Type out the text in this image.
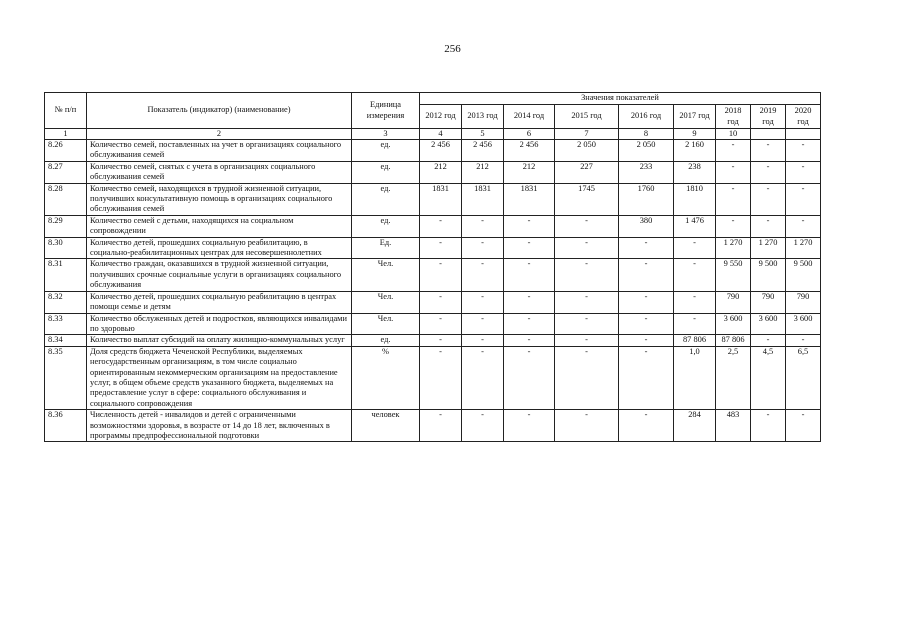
256
№ п/п	Показатель (индикатор) (наименование)	Единица измерения	Значения показателей								
			2012 год	2013 год	2014 год	2015 год	2016 год	2017 год	2018 год	2019 год	2020 год
1	2	3	4	5	6	7	8	9	10		
8.26	Количество семей, поставленных на учет в организациях социального обслуживания семей	ед.	2 456	2 456	2 456	2 050	2 050	2 160	-	-	-
8.27	Количество семей, снятых с учета в организациях социального обслуживания семей	ед.	212	212	212	227	233	238	-	-	-
8.28	Количество семей, находящихся в трудной жизненной ситуации, получивших консультативную помощь в организациях социального обслуживания семей	ед.	1831	1831	1831	1745	1760	1810	-	-	-
8.29	Количество семей с детьми, находящихся на социальном сопровождении	ед.	-	-	-	-	380	1 476	-	-	-
8.30	Количество детей, прошедших социальную реабилитацию, в социально-реабилитационных центрах для несовершеннолетних	Ед.	-	-	-	-	-	-	1 270	1 270	1 270
8.31	Количество граждан, оказавшихся в трудной жизненной ситуации, получивших срочные социальные услуги в организациях социального обслуживания	Чел.	-	-	-	-	-	-	9 550	9 500	9 500
8.32	Количество детей, прошедших социальную реабилитацию в центрах помощи семье и детям	Чел.	-	-	-	-	-	-	790	790	790
8.33	Количество обслуженных детей и подростков, являющихся инвалидами по здоровью	Чел.	-	-	-	-	-	-	3 600	3 600	3 600
8.34	Количество выплат субсидий на оплату жилищно-коммунальных услуг	ед.	-	-	-	-	-	87 806	87 806	-	-
8.35	Доля средств бюджета Чеченской Республики, выделяемых негосударственным организациям, в том числе социально ориентированным некоммерческим организациям на предоставление услуг, в общем объеме средств указанного бюджета, выделяемых на предоставление услуг в сфере: социального обслуживания и социального сопровождения	%	-	-	-	-	-	1,0	2,5	4,5	6,5
8.36	Численность детей - инвалидов и детей с ограниченными возможностями здоровья, в возрасте от 14 до 18 лет, включенных в программы предпрофессиональной подготовки	человек	-	-	-	-	-	284	483	-	-
